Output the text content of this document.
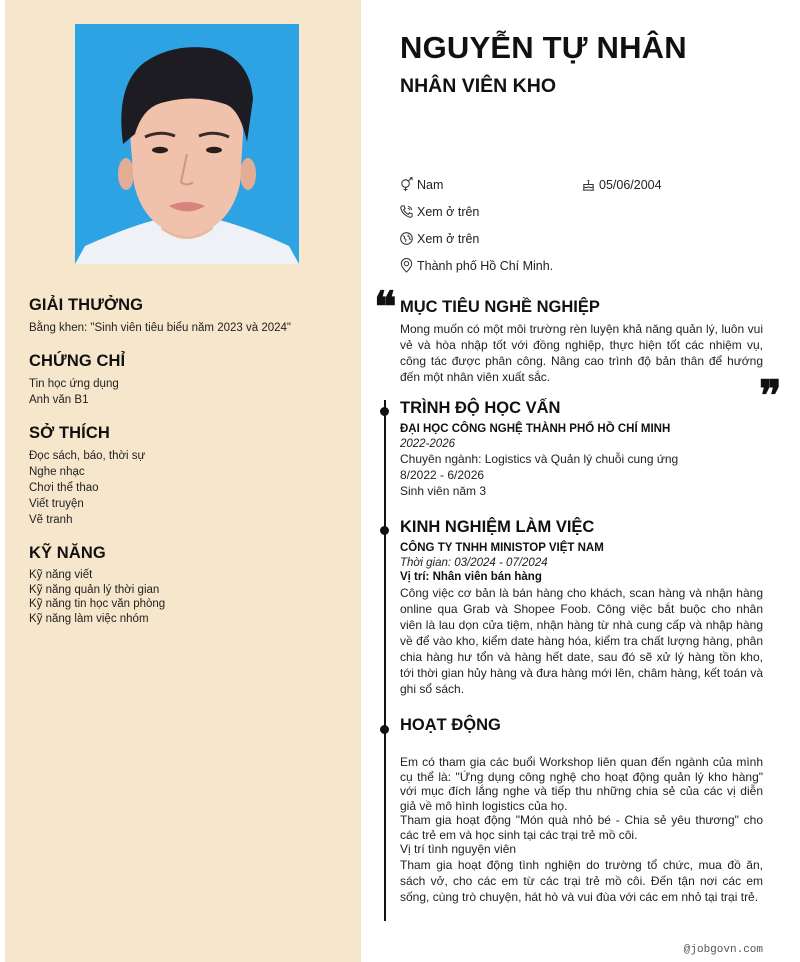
GIẢI THƯỞNG
Bằng khen: "Sinh viên tiêu biểu năm 2023 và 2024"
CHỨNG CHỈ
Tin học ứng dụng
Anh văn B1
SỞ THÍCH
Đọc sách, báo, thời sự
Nghe nhạc
Chơi thể thao
Viết truyện
Vẽ tranh
KỸ NĂNG
Kỹ năng viết
Kỹ năng quản lý thời gian
Kỹ năng tin học văn phòng
Kỹ năng làm việc nhóm
NGUYỄN TỰ NHÂN
NHÂN VIÊN KHO
Nam	05/06/2004
Xem ở trên
Xem ở trên
Thành phố Hồ Chí Minh.
❝
❞
MỤC TIÊU NGHỀ NGHIỆP

Mong muốn có một môi trường rèn luyện khả năng quản lý, luôn vui vẻ và hòa nhập tốt với đồng nghiệp, thực hiện tốt các nhiệm vụ, công tác được phân công. Nâng cao trình độ bản thân để hướng đến một nhân viên xuất sắc.

TRÌNH ĐỘ HỌC VẤN
ĐẠI HỌC CÔNG NGHỆ THÀNH PHỐ HỒ CHÍ MINH
2022-2026
Chuyên ngành: Logistics và Quản lý chuỗi cung ứng
8/2022 - 6/2026
Sinh viên năm 3
KINH NGHIỆM LÀM VIỆC
CÔNG TY TNHH MINISTOP VIỆT NAM
Thời gian: 03/2024 - 07/2024
Vị trí: Nhân viên bán hàng

Công việc cơ bản là bán hàng cho khách, scan hàng và nhận hàng online qua Grab và Shopee Foob. Công việc bắt buộc cho nhân viên là lau dọn cửa tiệm, nhận hàng từ nhà cung cấp và nhập hàng về để vào kho, kiểm date hàng hóa, kiểm tra chất lượng hàng, phân chia hàng hư tổn và hàng hết date, sau đó sẽ xử lý hàng tồn kho, tới thời gian hủy hàng và đưa hàng mới lên, châm hàng, kết toán và ghi sổ sách.

HOẠT ĐỘNG

Em có tham gia các buổi Workshop liên quan đến ngành của mình cụ thể là: "Ứng dụng công nghệ cho hoạt động quản lý kho hàng" với mục đích lắng nghe và tiếp thu những chia sẻ của các vị diễn giả về mô hình logistics của họ.

Tham gia hoạt động "Món quà nhỏ bé - Chia sẻ yêu thương" cho các trẻ em và học sinh tại các trại trẻ mồ côi.

Vị trí tình nguyện viên

Tham gia hoạt động tình nghiện do trường tổ chức, mua đồ ăn, sách vở, cho các em từ các trại trẻ mồ côi. Đến tận nơi các em sống, cùng trò chuyện, hát hò và vui đùa với các em nhỏ tại trại trẻ.

@jobgovn.com
